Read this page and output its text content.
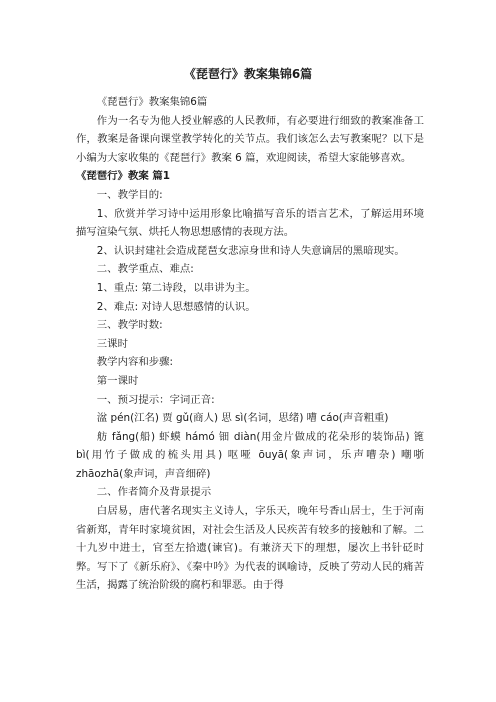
《琵琶行》教案集锦6篇

《琵琶行》教案集锦6篇

作为一名专为他人授业解惑的人民教师，有必要进行细致的教案准备工作，教案是备课向课堂教学转化的关节点。我们该怎么去写教案呢？以下是小编为大家收集的《琵琶行》教案 6 篇，欢迎阅读，希望大家能够喜欢。

《琵琶行》教案 篇1

一、教学目的:

1、欣赏并学习诗中运用形象比喻描写音乐的语言艺术，了解运用环境描写渲染气氛、烘托人物思想感情的表现方法。

2、认识封建社会造成琵琶女悲凉身世和诗人失意谪居的黑暗现实。

二、教学重点、难点:

1、重点: 第二诗段，以串讲为主。

2、难点: 对诗人思想感情的认识。

三、教学时数:

三课时

教学内容和步骤:

第一课时

一、预习提示：字词正音:

湓 pén(江名) 贾 gǔ(商人) 思 sì(名词，思绪) 嘈 cáo(声音粗重)

舫 fǎng(船) 虾蟆 hámó 钿 diàn(用金片做成的花朵形的装饰品) 篦bì(用竹子做成的梳头用具) 呕哑 ōuyā(象声词，乐声嘈杂) 嘲哳 zhāozhā(象声词，声音细碎)

二、作者简介及背景提示

白居易，唐代著名现实主义诗人，字乐天，晚年号香山居士，生于河南省新郑，青年时家境贫困，对社会生活及人民疾苦有较多的接触和了解。二十九岁中进士，官至左拾遗(谏官)。有兼济天下的理想，屡次上书针砭时弊。写下了《新乐府》、《秦中吟》为代表的讽喻诗，反映了劳动人民的痛苦生活，揭露了统治阶级的腐朽和罪恶。由于得
